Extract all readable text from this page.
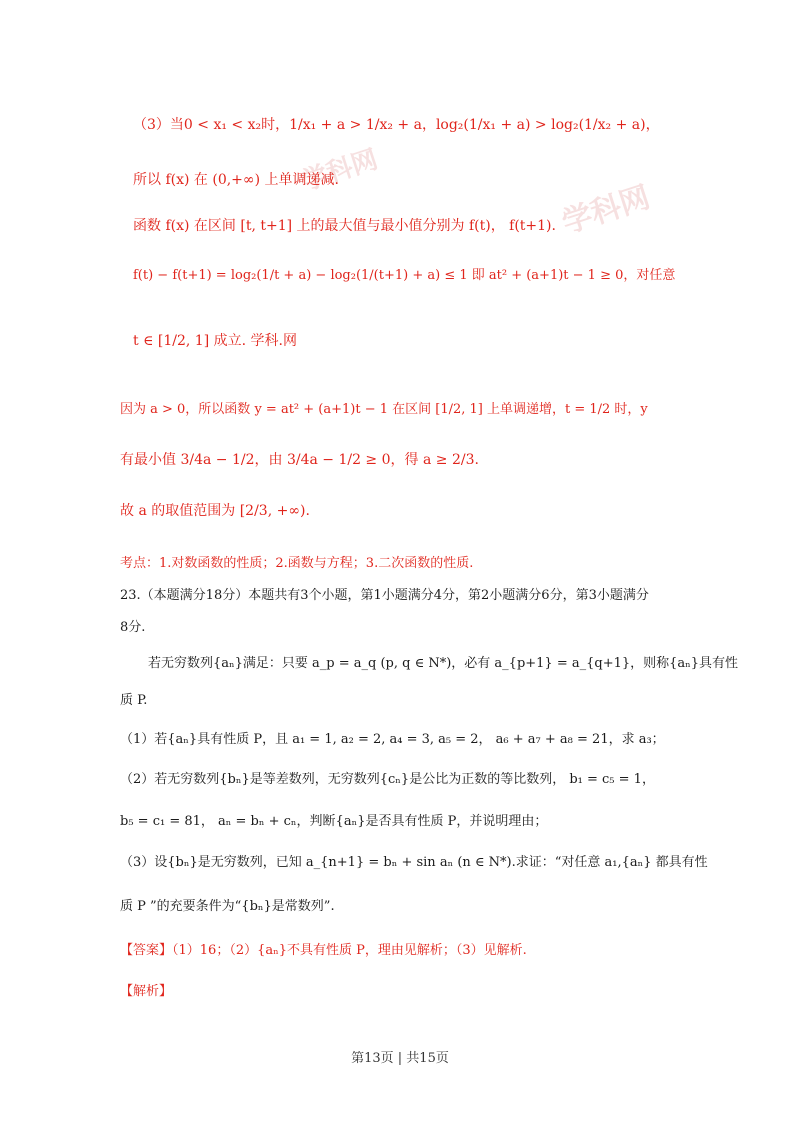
学科网
学科网
（3）当0 < x₁ < x₂时，1/x₁ + a > 1/x₂ + a，log₂(1/x₁ + a) > log₂(1/x₂ + a)，
所以 f(x) 在 (0,+∞) 上单调递减.
函数 f(x) 在区间 [t, t+1] 上的最大值与最小值分别为 f(t)， f(t+1).
f(t) − f(t+1) = log₂(1/t + a) − log₂(1/(t+1) + a) ≤ 1 即 at² + (a+1)t − 1 ≥ 0，对任意
t ∈ [1/2, 1] 成立. 学科.网
因为 a > 0，所以函数 y = at² + (a+1)t − 1 在区间 [1/2, 1] 上单调递增，t = 1/2 时，y
有最小值 3/4a − 1/2，由 3/4a − 1/2 ≥ 0，得 a ≥ 2/3.
故 a 的取值范围为 [2/3, +∞).
考点：1.对数函数的性质；2.函数与方程；3.二次函数的性质.
23.（本题满分18分）本题共有3个小题，第1小题满分4分，第2小题满分6分，第3小题满分
8分.
若无穷数列{aₙ}满足：只要 a_p = a_q (p, q ∈ N*)，必有 a_{p+1} = a_{q+1}，则称{aₙ}具有性
质 P.
（1）若{aₙ}具有性质 P，且 a₁ = 1, a₂ = 2, a₄ = 3, a₅ = 2， a₆ + a₇ + a₈ = 21，求 a₃；
（2）若无穷数列{bₙ}是等差数列，无穷数列{cₙ}是公比为正数的等比数列， b₁ = c₅ = 1，
b₅ = c₁ = 81， aₙ = bₙ + cₙ，判断{aₙ}是否具有性质 P，并说明理由；
（3）设{bₙ}是无穷数列，已知 a_{n+1} = bₙ + sin aₙ (n ∈ N*).求证：“对任意 a₁,{aₙ} 都具有性
质 P ”的充要条件为“{bₙ}是常数列”.
【答案】（1）16；（2）{aₙ}不具有性质 P，理由见解析；（3）见解析.
【解析】
第13页 | 共15页
